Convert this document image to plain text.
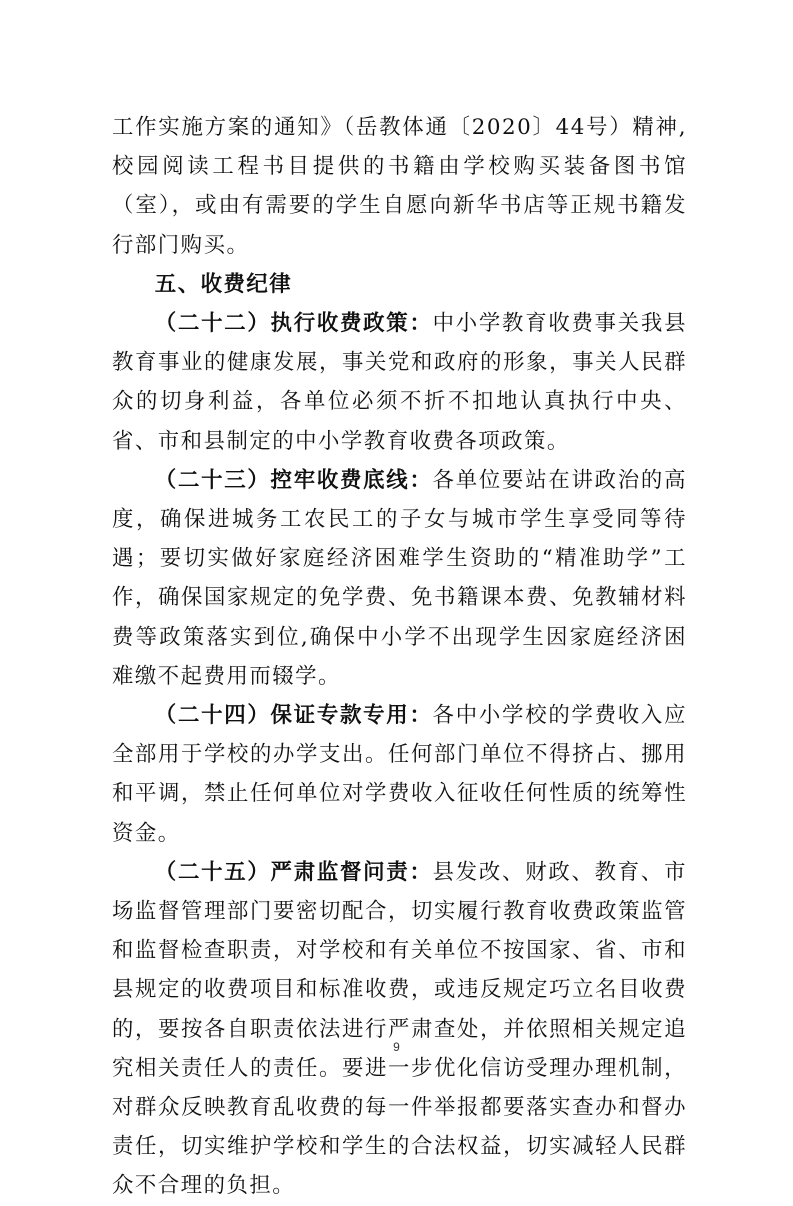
工作实施方案的通知》（岳教体通〔2020〕44号）精神,校园阅读工程书目提供的书籍由学校购买装备图书馆（室），或由有需要的学生自愿向新华书店等正规书籍发行部门购买。

五、收费纪律

（二十二）执行收费政策：中小学教育收费事关我县教育事业的健康发展，事关党和政府的形象，事关人民群众的切身利益，各单位必须不折不扣地认真执行中央、省、市和县制定的中小学教育收费各项政策。

（二十三）控牢收费底线：各单位要站在讲政治的高度，确保进城务工农民工的子女与城市学生享受同等待遇；要切实做好家庭经济困难学生资助的“精准助学”工作，确保国家规定的免学费、免书籍课本费、免教辅材料费等政策落实到位,确保中小学不出现学生因家庭经济困难缴不起费用而辍学。

（二十四）保证专款专用：各中小学校的学费收入应全部用于学校的办学支出。任何部门单位不得挤占、挪用和平调，禁止任何单位对学费收入征收任何性质的统筹性资金。

（二十五）严肃监督问责：县发改、财政、教育、市场监督管理部门要密切配合，切实履行教育收费政策监管和监督检查职责，对学校和有关单位不按国家、省、市和县规定的收费项目和标准收费，或违反规定巧立名目收费的，要按各自职责依法进行严肃查处，并依照相关规定追究相关责任人的责任。要进一步优化信访受理办理机制，对群众反映教育乱收费的每一件举报都要落实查办和督办责任，切实维护学校和学生的合法权益，切实减轻人民群众不合理的负担。

9
